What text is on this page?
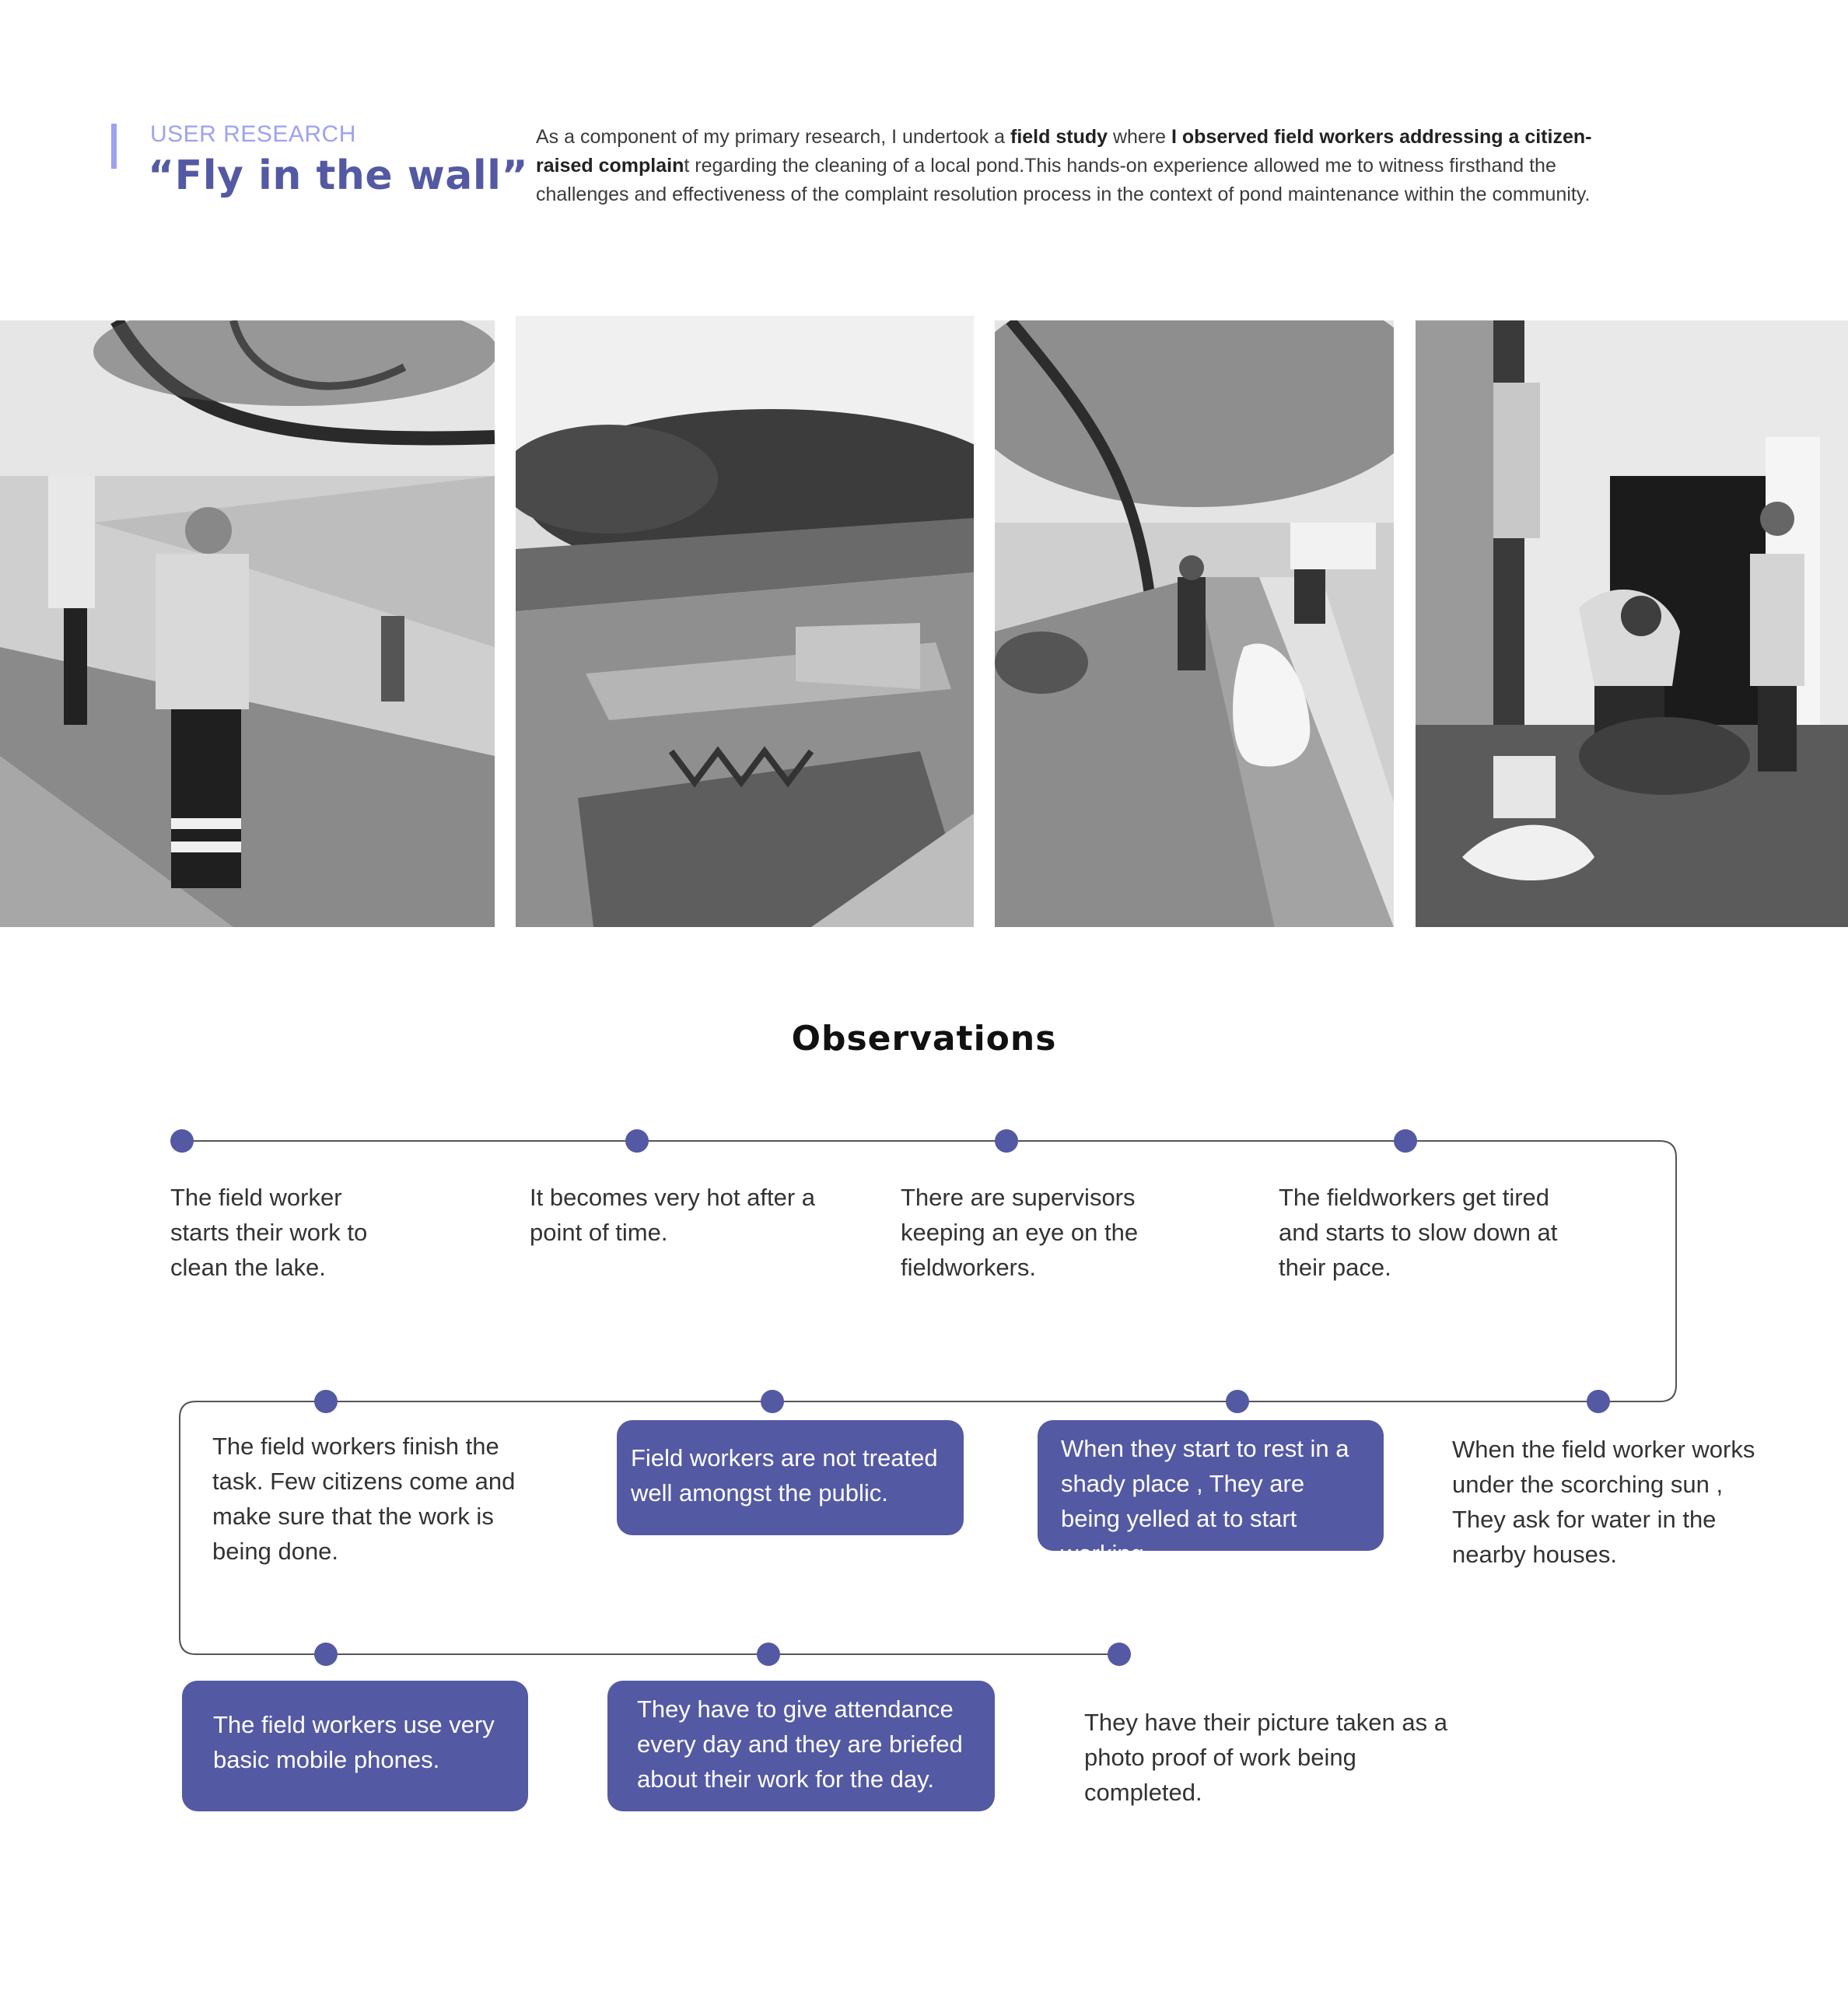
USER RESEARCH
“Fly in the wall”
As a component of my primary research, I undertook a field study where I observed field workers addressing a citizen-raised complaint regarding the cleaning of a local pond.This hands-on experience allowed me to witness firsthand the challenges and effectiveness of the complaint resolution process in the context of pond maintenance within the community.
Observations
The field worker starts their work to clean the lake.
It becomes very hot after a point of time.
There are supervisors keeping an eye on the fieldworkers.
The fieldworkers get tired and starts to slow down at their pace.
When the field worker works under the scorching sun , They ask for water in the nearby houses.
When they start to rest in a shady place , They are being yelled at to start working.
Field workers are not treated well amongst the public.
The field workers finish the task. Few citizens come and make sure that the work is being done.
The field workers use very basic mobile phones.
They have to give attendance every day and they are briefed about their work for the day.
They have their picture taken as a photo proof of work being completed.
